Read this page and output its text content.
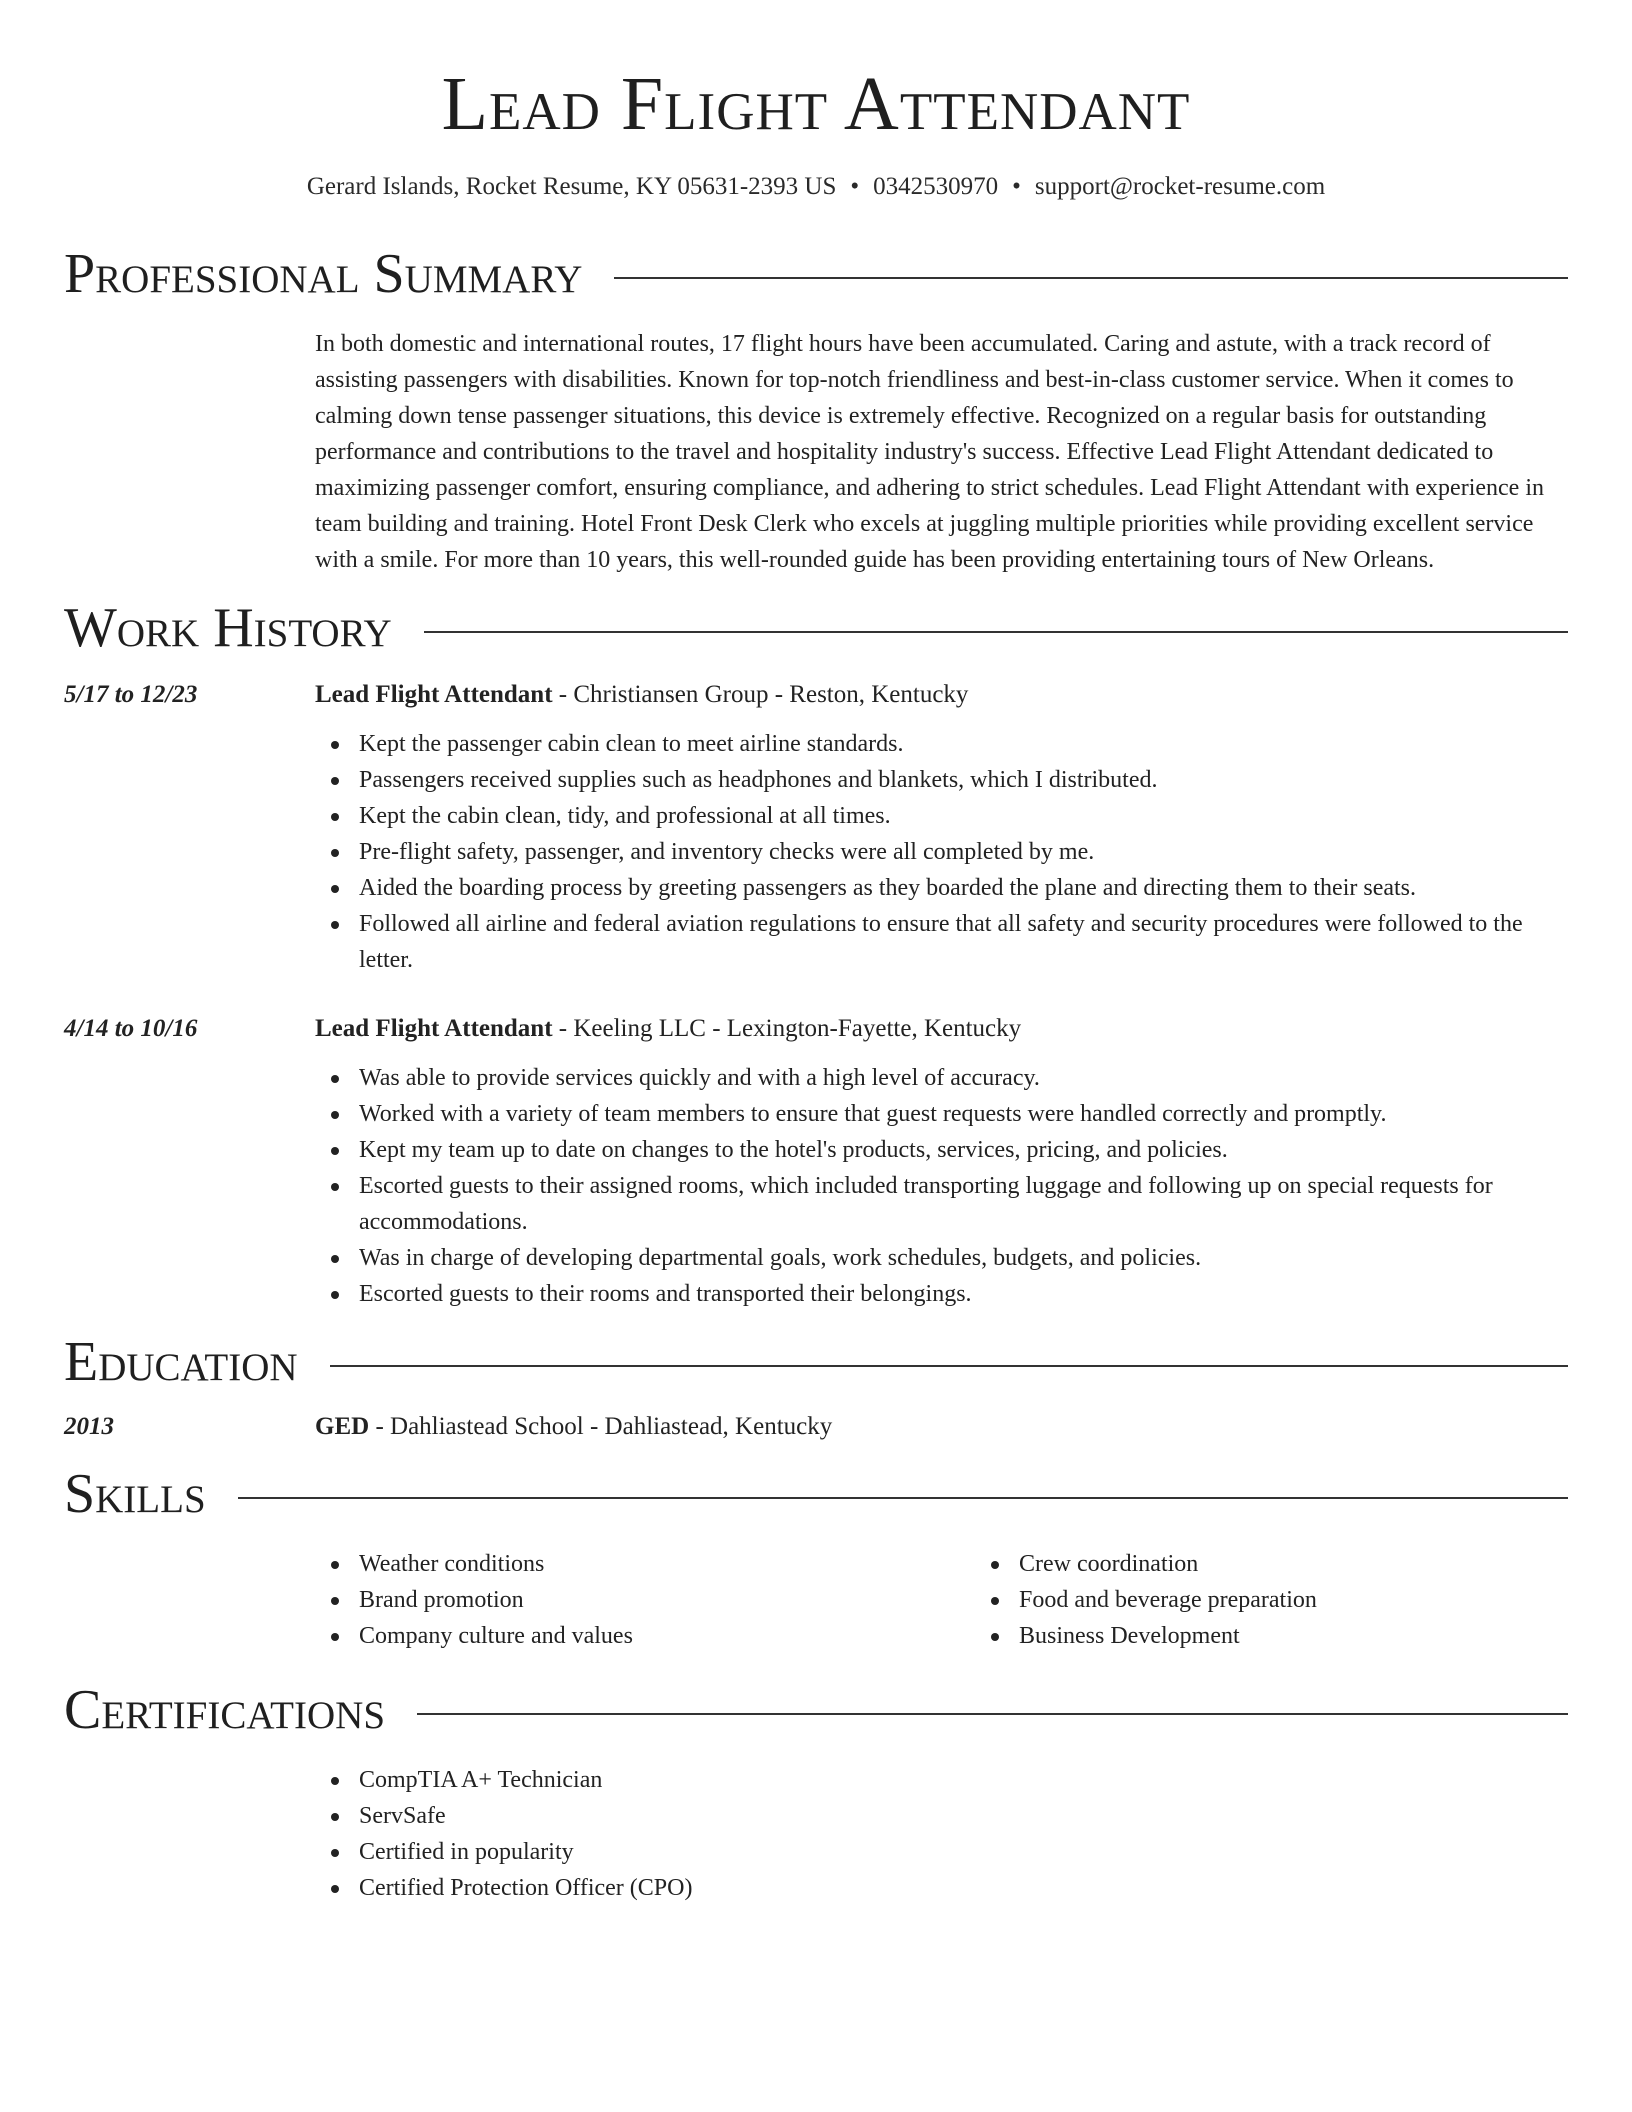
Lead Flight Attendant
Gerard Islands, Rocket Resume, KY 05631-2393 US • 0342530970 • support@rocket-resume.com
Professional Summary
In both domestic and international routes, 17 flight hours have been accumulated. Caring and astute, with a track record of assisting passengers with disabilities. Known for top-notch friendliness and best-in-class customer service. When it comes to calming down tense passenger situations, this device is extremely effective. Recognized on a regular basis for outstanding performance and contributions to the travel and hospitality industry's success. Effective Lead Flight Attendant dedicated to maximizing passenger comfort, ensuring compliance, and adhering to strict schedules. Lead Flight Attendant with experience in team building and training. Hotel Front Desk Clerk who excels at juggling multiple priorities while providing excellent service with a smile. For more than 10 years, this well-rounded guide has been providing entertaining tours of New Orleans.
Work History
5/17 to 12/23	Lead Flight Attendant - Christiansen Group - Reston, Kentucky
Kept the passenger cabin clean to meet airline standards.
Passengers received supplies such as headphones and blankets, which I distributed.
Kept the cabin clean, tidy, and professional at all times.
Pre-flight safety, passenger, and inventory checks were all completed by me.
Aided the boarding process by greeting passengers as they boarded the plane and directing them to their seats.
Followed all airline and federal aviation regulations to ensure that all safety and security procedures were followed to the letter.
4/14 to 10/16	Lead Flight Attendant - Keeling LLC - Lexington-Fayette, Kentucky
Was able to provide services quickly and with a high level of accuracy.
Worked with a variety of team members to ensure that guest requests were handled correctly and promptly.
Kept my team up to date on changes to the hotel's products, services, pricing, and policies.
Escorted guests to their assigned rooms, which included transporting luggage and following up on special requests for accommodations.
Was in charge of developing departmental goals, work schedules, budgets, and policies.
Escorted guests to their rooms and transported their belongings.
Education
2013	GED - Dahliastead School - Dahliastead, Kentucky
Skills
Weather conditions
Brand promotion
Company culture and values
Crew coordination
Food and beverage preparation
Business Development
Certifications
CompTIA A+ Technician
ServSafe
Certified in popularity
Certified Protection Officer (CPO)
